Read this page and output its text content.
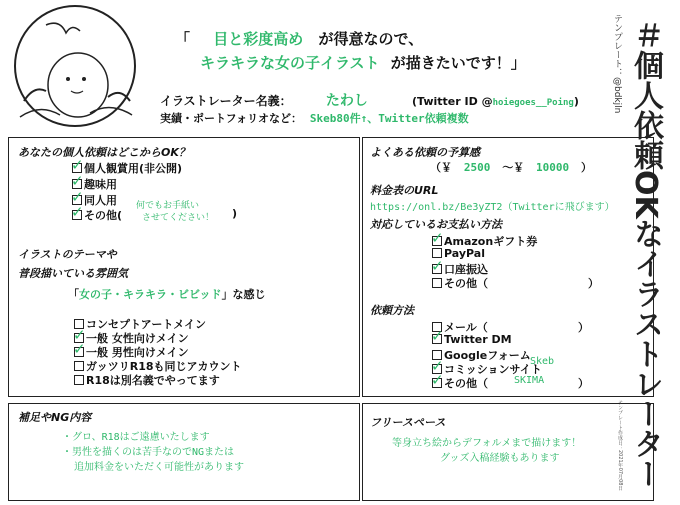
「 目と彩度高め が得意なので、
キラキラな女の子イラスト が描きたいです！」
イラストレーター名義： たわし	(Twitter ID @hoiegoes__Poing)
実績・ポートフォリオなど： Skeb80件↑、Twitter依頼複数
あなたの個人依頼はどこからOK？
✓個人観賞用(非公開)
✓趣味用
✓同人用
✓その他(
何でもお手紙い
させてください！ )
イラストのテーマや
普段描いている雰囲気
「女の子・キラキラ・ビビッド」な感じ
コンセプトアートメイン
✓一般 女性向けメイン
✓一般 男性向けメイン
ガッツリR18も同じアカウント
R18は別名義でやってます
よくある依頼の予算感
（￥ 2500 ～￥ 10000 ）
料金表のURL
https://onl.bz/Be3yZT2（Twitterに飛びます）
対応しているお支払い方法
✓Amazonギフト券
PayPal
✓口座振込
その他（	）
依頼方法
メール（	）
✓Twitter DM
Googleフォーム
✓コミッションサイト
Skeb
✓その他（	SKIMA	）
補足やNG内容
・グロ、R18はご遠慮いたします
・男性を描くのは苦手なのでNGまたは
追加料金をいただく可能性があります
フリースペース
等身立ち絵からデフォルメまで描けます！
グッズ入稿経験もあります	＃個人依頼OKなイラストレーター
テンプレート：@bdkjln
テンプレート作成日：2021年07月08日
